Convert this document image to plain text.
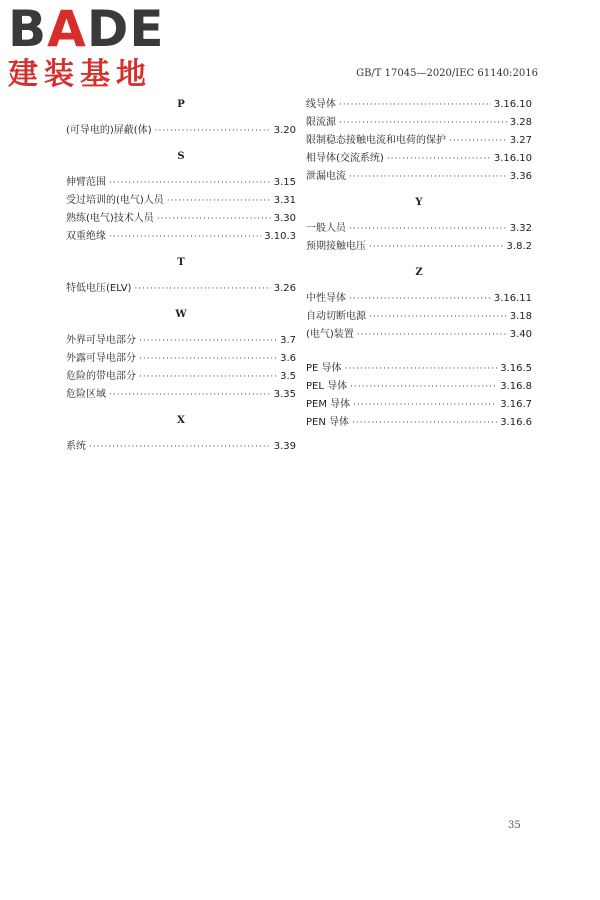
BADE
建装基地	GB/T 17045—2020/IEC 61140:2016
P
(可导电的)屏蔽(体) ·····	3.20
S
伸臂范围 ·····	3.15
受过培训的(电气)人员 ·····	3.31
熟练(电气)技术人员 ·····	3.30
双重绝缘 ·····	3.10.3
T
特低电压(ELV) ·····	3.26
W
外界可导电部分 ·····	3.7
外露可导电部分 ·····	3.6
危险的带电部分 ·····	3.5
危险区域 ·····	3.35
X
系统 ·····	3.39
线导体 ·····	3.16.10
限流源 ·····	3.28
限制稳态接触电流和电荷的保护 ·····	3.27
相导体(交流系统) ·····	3.16.10
泄漏电流 ·····	3.36
Y
一般人员 ·····	3.32
预期接触电压 ·····	3.8.2
Z
中性导体 ·····	3.16.11
自动切断电源 ·····	3.18
(电气)装置 ·····	3.40
PE 导体 ·····	3.16.5
PEL 导体 ·····	3.16.8
PEM 导体 ·····	3.16.7
PEN 导体 ·····	3.16.6
35
